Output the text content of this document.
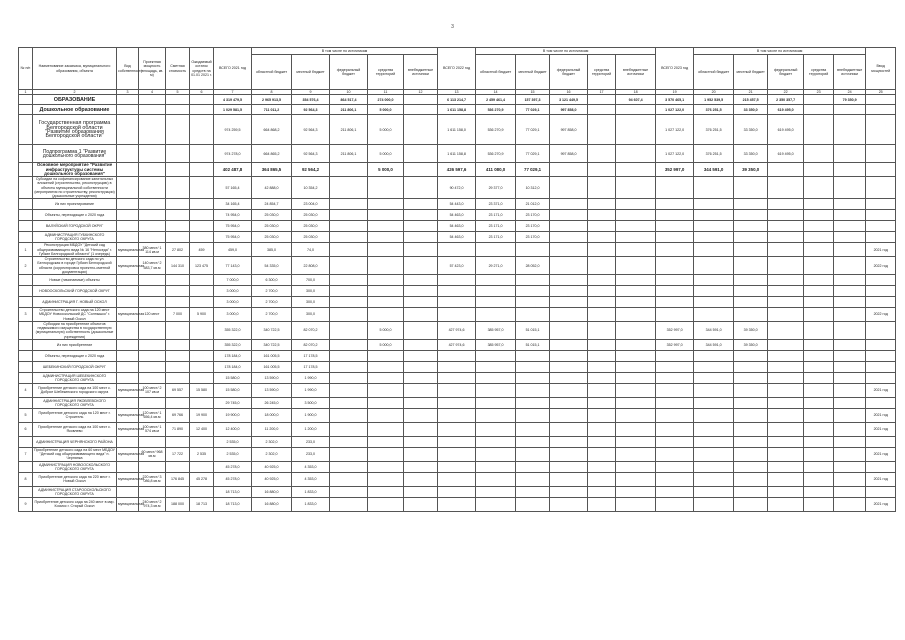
3
№ п/п	Наименование заказчика, муниципального образования, объекта	Вид собственности	Проектная мощность (площадь, кв. м)	Сметная стоимость	Ожидаемый остаток средств на 01.01 2021 г.	ВСЕГО 2021 год	В том числе по источникам					ВСЕГО 2022 год	В том числе по источникам					ВСЕГО 2023 год	В том числе по источникам					Ввод мощностей
							областной бюджет	местный бюджет	федеральный бюджет	средства территорий	внебюджетные источники		областной бюджет	местный бюджет	федеральный бюджет	средства территорий	внебюджетные источники		областной бюджет	местный бюджет	федеральный бюджет	средства территорий	внебюджетные источники	
1	2	3	4	5	6	7	8	9	10	11	12	13	14	15	16	17	18	19	20	21	22	23	24	25
	ОБРАЗОВАНИЕ					4 319 479,5	2 965 913,5	354 576,4	864 517,4	274 000,0		6 113 214,7	2 459 461,4	157 397,3	3 121 449,5		94 607,4	3 570 465,1	1 952 539,5	215 457,5	2 350 357,7		79 350,9	
	Дошкольное образование					1 029 581,5	711 011,2	92 564,3	211 806,1	5 000,0		1 611 158,8	536 270,9	77 029,1	997 858,0			1 027 122,0	376 251,5	33 350,0	619 495,0			
	Государственная программа Белгородской области "Развитие образования Белгородской области"					974 259,5	664 868,2	92 564,3	211 806,1	5 000,0		1 611 158,0	536 270,9	77 029,1	997 858,0			1 027 122,0	376 251,5	33 350,0	619 495,0			
	Подпрограмма 1 "Развитие дошкольного образования"					974 278,0	664 865,2	92 564,3	211 806,1	5 000,0		1 611 158,8	536 270,9	77 029,1	997 858,0			1 027 122,0	376 251,5	33 350,0	619 495,0			
	Основное мероприятие "Развитие инфраструктуры системы дошкольного образования"					402 487,8	364 865,5	92 564,2		5 000,0		426 597,6	411 080,0	77 029,1				352 997,0	344 591,0	39 350,0				
	Субсидии на софинансирование капитальных вложений (строительство, реконструкцию) в объекты муниципальной собственности (мероприятия по строительству, реконструкции) (дошкольные учреждения)					57 165,4	42 888,0	10 354,2				90 472,0	29 377,0	10 312,0										
	Из них проектирование					34 165,4	24 854,7	23 004,0				54 443,0	23 371,0	21 012,0										
	Объекты, переходящие с 2020 года					74 954,0	25 030,0	25 030,0				54 463,0	23 171,0	23 170,0										
	ВАЛУЙСКИЙ ГОРОДСКОЙ ОКРУГ					75 954,0	25 030,0	25 030,0				54 463,0	23 171,0	23 170,0										
	АДМИНИСТРАЦИЯ ГУБКИНСКОГО ГОРОДСКОГО ОКРУГА					75 954,0	25 030,0	25 030,0				54 463,0	23 171,0	23 170,0										
1	Реконструкция МБДОУ "Детский сад общеразвивающего вида № 16 "Непоседа" г. Губкин Белгородской области" (1 очередь)	муниципальная	380 мест/ 1 114 кв.м	27 802	459	459,0	385,0	74,0																2021 год
2	Строительство детского сада по ул. Белгородская в городе Губкин Белгородской области (корректировка проектно-сметной документации)	муниципальная	140 мест/ 2 583,7 кв.м	144 310	123 475	77 143,0	54 335,0	22 808,0				57 423,0	29 271,0	28 052,0										2022 год
	Новые (начинаемые) объекты					7 000,0	6 300,0	700,0																
	НОВООСКОЛЬСКИЙ ГОРОДСКОЙ ОКРУГ					3 000,0	2 700,0	300,0																
	АДМИНИСТРАЦИЯ Г. НОВЫЙ ОСКОЛ					3 000,0	2 700,0	300,0																
3	Строительство детского сада на 120 мест МБДОУ Новооскольский ДС "Солнышко" г. Новый Оскол	муниципальная	120 мест	7 000	5 900	3 000,0	2 700,0	300,0																2022 год
	Субсидии на приобретение объектов недвижимого имущества в государственную (муниципальную) собственность (дошкольные учреждения)					355 322,0	340 722,5	82 070,2		5 000,0		427 974,6	385 957,0	51 015,1				352 997,0	344 591,0	39 350,0				
	Из них приобретение					355 322,0	340 722,5	82 070,2		5 000,0		427 974,6	385 957,0	51 015,1				352 997,0	344 591,0	39 350,0				
	Объекты, переходящие с 2020 года					178 184,0	161 005,5	17 178,5																
	ШЕБЕКИНСКИЙ ГОРОДСКОЙ ОКРУГ					178 184,0	161 005,5	17 178,5																
	АДМИНИСТРАЦИЯ ШЕБЕКИНСКОГО ГОРОДСКОГО ОКРУГА					15 580,0	13 590,0	1 990,0																
4	Приобретение детского сада на 100 мест с. Доброе Шебекинского городского округа	муниципальная	100 мест/ 2 107 кв.м	69 557	15 580	15 580,0	13 590,0	1 990,0																2021 год
	АДМИНИСТРАЦИЯ ЯКОВЛЕВСКОГО ГОРОДСКОГО ОКРУГА					29 745,0	26 245,0	3 500,0																
5	Приобретение детского сада на 120 мест г. Строитель	муниципальная	120 мест/ 1 656,4 кв.м	69 766	19 900	19 900,0	18 000,0	1 900,0																2021 год
6	Приобретение детского сада на 100 мест с. Яковлево	муниципальная	100 мест/ 1 574 кв.м	71 890	12 400	12 400,0	11 200,0	1 200,0																2021 год
	АДМИНИСТРАЦИЯ ЧЕРНЯНСКОГО РАЙОНА					2 535,0	2 302,0	233,0																
7	Приобретение детского сада на 60 мест МБДОУ "Детский сад общеразвивающего вида" п. Чернянка	муниципальная	60 мест/ 968 кв.м	17 722	2 535	2 535,0	2 302,0	233,0																2021 год
	АДМИНИСТРАЦИЯ НОВООСКОЛЬСКОГО ГОРОДСКОГО ОКРУГА					45 278,0	40 925,0	4 353,0																
8	Приобретение детского сада на 220 мест г. Новый Оскол	муниципальная	220 мест/ 3 086,8 кв.м	176 845	45 278	45 278,0	40 925,0	4 353,0																2021 год
	АДМИНИСТРАЦИЯ СТАРООСКОЛЬСКОГО ГОРОДСКОГО ОКРУГА					18 713,0	16 880,0	1 833,0																
9	Приобретение детского сада на 240 мест в мкр. Космос г. Старый Оскол	муниципальная	240 мест/ 2 974,3 кв.м	188 000	18 713	18 713,0	16 880,0	1 833,0																2021 год
